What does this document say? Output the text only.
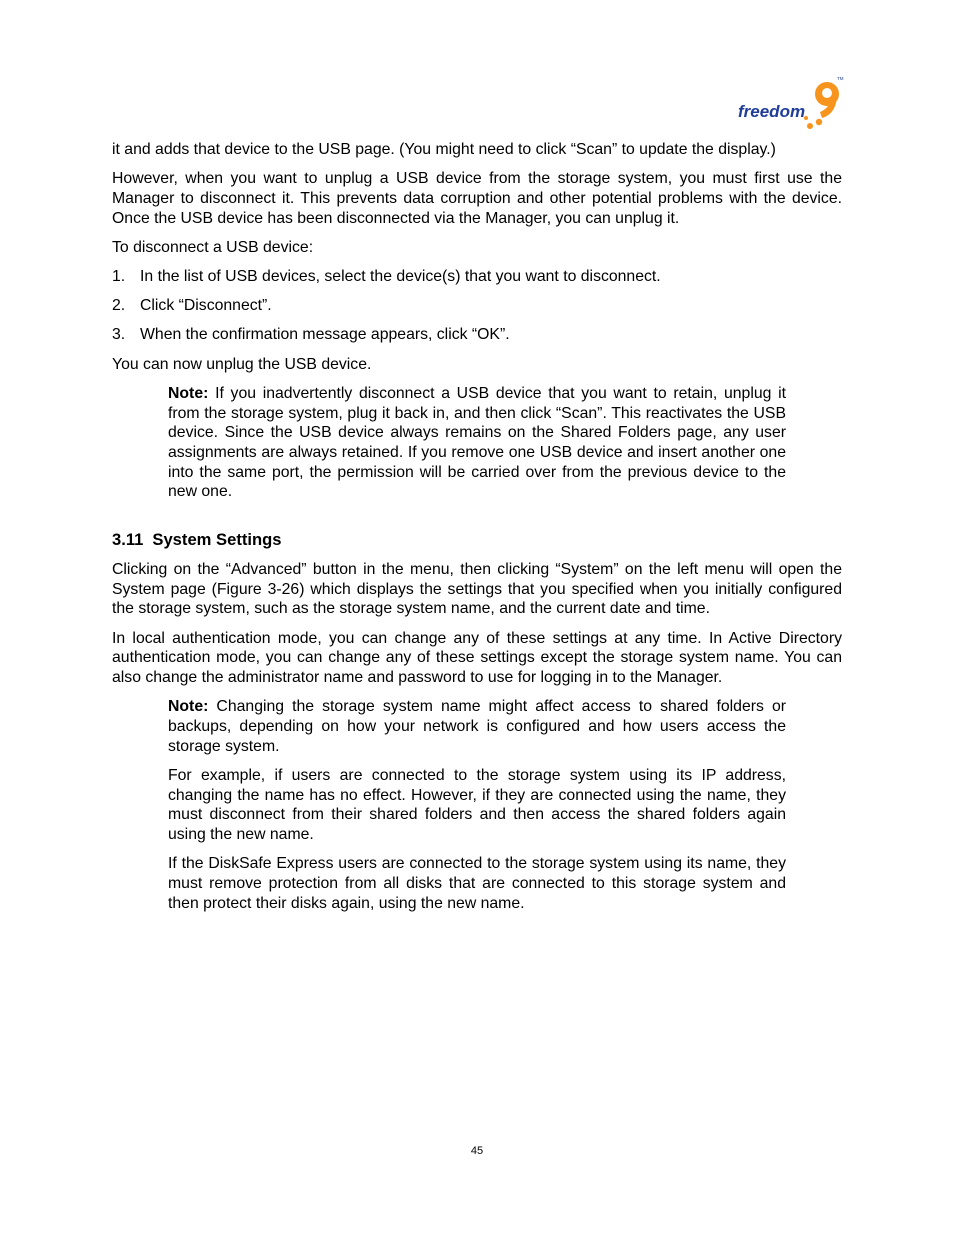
freedom
TM

it and adds that device to the USB page. (You might need to click “Scan” to update the display.)

However, when you want to unplug a USB device from the storage system, you must first use the Manager to disconnect it. This prevents data corruption and other potential problems with the device. Once the USB device has been disconnected via the Manager, you can unplug it.

To disconnect a USB device:

1. In the list of USB devices, select the device(s) that you want to disconnect.
2. Click “Disconnect”.
3. When the confirmation message appears, click “OK”.

You can now unplug the USB device.

Note: If you inadvertently disconnect a USB device that you want to retain, unplug it from the storage system, plug it back in, and then click “Scan”. This reactivates the USB device. Since the USB device always remains on the Shared Folders page, any user assignments are always retained. If you remove one USB device and insert another one into the same port, the permission will be carried over from the previous device to the new one.

3.11 System Settings

Clicking on the “Advanced” button in the menu, then clicking “System” on the left menu will open the System page (Figure 3-26) which displays the settings that you specified when you initially configured the storage system, such as the storage system name, and the current date and time.

In local authentication mode, you can change any of these settings at any time. In Active Directory authentication mode, you can change any of these settings except the storage system name. You can also change the administrator name and password to use for logging in to the Manager.

Note: Changing the storage system name might affect access to shared folders or backups, depending on how your network is configured and how users access the storage system.

For example, if users are connected to the storage system using its IP address, changing the name has no effect. However, if they are connected using the name, they must disconnect from their shared folders and then access the shared folders again using the new name.

If the DiskSafe Express users are connected to the storage system using its name, they must remove protection from all disks that are connected to this storage system and then protect their disks again, using the new name.

45
